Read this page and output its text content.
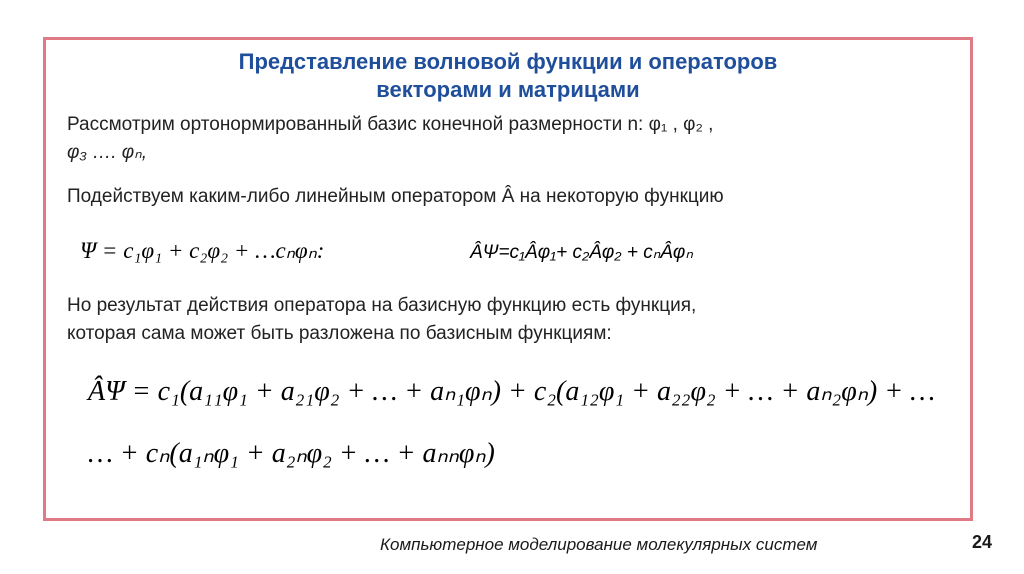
Представление волновой функции и операторов
векторами и матрицами
Рассмотрим ортонормированный базис конечной размерности n: φ₁ , φ₂ ,
φ₃ …. φₙ,
Подействуем каким-либо линейным оператором Â на некоторую функцию
Ψ = c₁φ₁ + c₂φ₂ + …cₙφₙ:	ÂΨ=c₁Âφ₁+ c₂Âφ₂ + cₙÂφₙ
Но результат действия оператора на базисную функцию есть функция,
которая сама может быть разложена по базисным функциям:
ÂΨ = c₁(a₁₁φ₁ + a₂₁φ₂ + … + aₙ₁φₙ) + c₂(a₁₂φ₁ + a₂₂φ₂ + … + aₙ₂φₙ) + …
… + cₙ(a₁ₙφ₁ + a₂ₙφ₂ + … + aₙₙφₙ)
Компьютерное моделирование молекулярных систем	24
